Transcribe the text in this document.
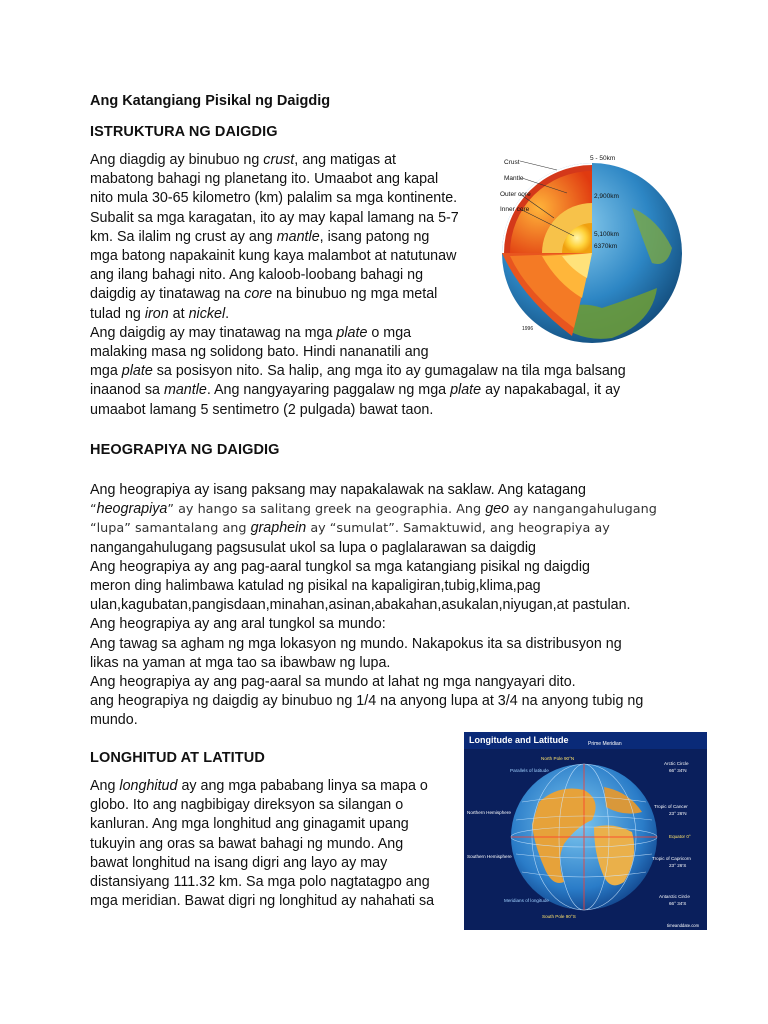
Ang Katangiang Pisikal ng Daigdig
ISTRUKTURA NG DAIGDIG

Ang diagdig ay binubuo ng crust, ang matigas at

mabatong bahagi ng planetang ito. Umaabot ang kapal

nito mula 30-65 kilometro (km) palalim sa mga kontinente.

Subalit sa mga karagatan, ito ay may kapal lamang na 5-7

km. Sa ilalim ng crust ay ang mantle, isang patong ng

mga batong napakainit kung kaya malambot at natutunaw

ang ilang bahagi nito. Ang kaloob-loobang bahagi ng

daigdig ay tinatawag na core na binubuo ng mga metal

tulad ng iron at nickel.

Ang daigdig ay may tinatawag na mga plate o mga

malaking masa ng solidong bato. Hindi nananatili ang

mga plate sa posisyon nito. Sa halip, ang mga ito ay gumagalaw na tila mga balsang

inaanod sa mantle. Ang nangyayaring paggalaw ng mga plate ay napakabagal, it ay

umaabot lamang 5 sentimetro (2 pulgada) bawat taon.

Crust
Mantle
Outer core
Inner core
5 - 50km
2,900km
5,100km
6370km
1996
HEOGRAPIYA NG DAIGDIG

Ang heograpiya ay isang paksang may napakalawak na saklaw. Ang katagang

“heograpiya” ay hango sa salitang greek na geographia. Ang geo ay nangangahulugang

“lupa” samantalang ang graphein ay “sumulat”. Samaktuwid, ang heograpiya ay

nangangahulugang pagsusulat ukol sa lupa o paglalarawan sa daigdig

Ang heograpiya ay ang pag-aaral tungkol sa mga katangiang pisikal ng daigdig

meron ding halimbawa katulad ng pisikal na kapaligiran,tubig,klima,pag

ulan,kagubatan,pangisdaan,minahan,asinan,abakahan,asukalan,niyugan,at pastulan.

Ang heograpiya ay ang aral tungkol sa mundo:

Ang tawag sa agham ng mga lokasyon ng mundo. Nakapokus ita sa distribusyon ng

likas na yaman at mga tao sa ibawbaw ng lupa.

Ang heograpiya ay ang pag-aaral sa mundo at lahat ng mga nangyayari dito.

ang heograpiya ng daigdig ay binubuo ng 1/4 na anyong lupa at 3/4 na anyong tubig ng

mundo.

LONGHITUD AT LATITUD

Ang longhitud ay ang mga pababang linya sa mapa o

globo. Ito ang nagbibigay direksyon sa silangan o

kanluran. Ang mga longhitud ang ginagamit upang

tukuyin ang oras sa bawat bahagi ng mundo. Ang

bawat longhitud na isang digri ang layo ay may

distansiyang 111.32 km. Sa mga polo nagtatagpo ang

mga meridian. Bawat digri ng longhitud ay nahahati sa

Longitude and Latitude	Prime Meridian
North Pole 90°N
Parallels of latitude
Arctic Circle
66° 34′N
Tropic of Cancer
23° 26′N
Equator 0°
Tropic of Capricorn
23° 26′S
Antarctic Circle
66° 34′S
Northern Hemisphere
Southern Hemisphere
Meridians of longitude
South Pole 90°S
timeanddate.com
